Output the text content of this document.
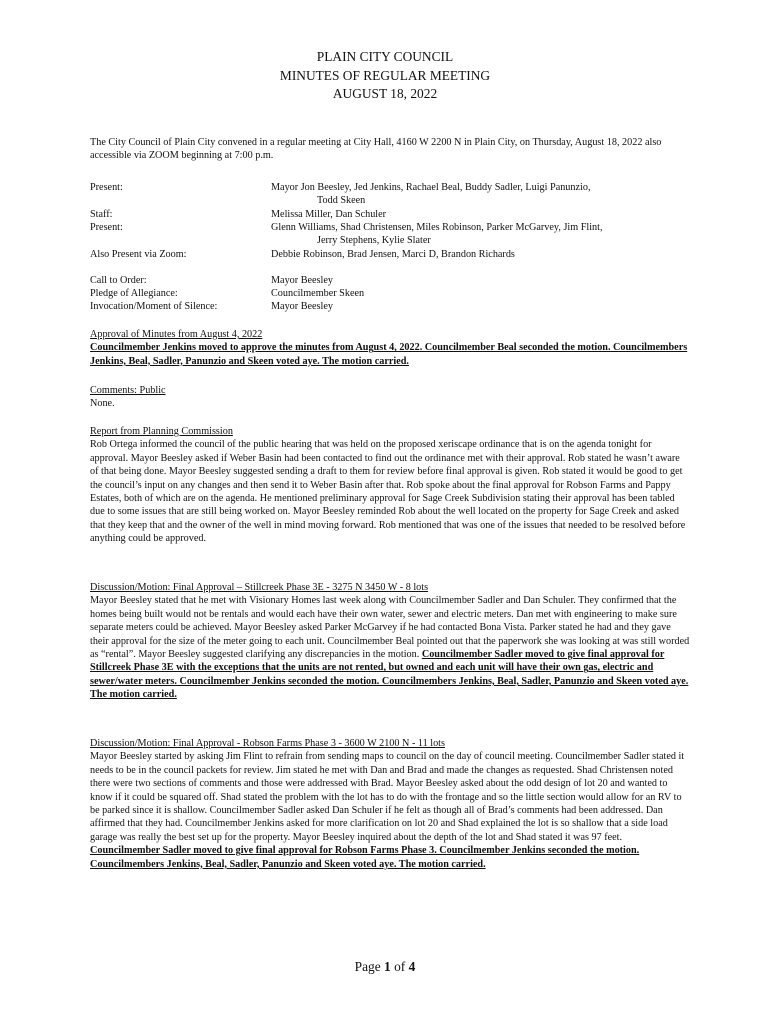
PLAIN CITY COUNCIL
MINUTES OF REGULAR MEETING
AUGUST 18, 2022

The City Council of Plain City convened in a regular meeting at City Hall, 4160 W 2200 N in Plain City, on Thursday, August 18, 2022 also accessible via ZOOM beginning at 7:00 p.m.

Present:	Mayor Jon Beesley, Jed Jenkins, Rachael Beal, Buddy Sadler, Luigi Panunzio,
Todd Skeen
Staff:	Melissa Miller, Dan Schuler
Present:	Glenn Williams, Shad Christensen, Miles Robinson, Parker McGarvey, Jim Flint,
Jerry Stephens, Kylie Slater
Also Present via Zoom:	Debbie Robinson, Brad Jensen, Marci D, Brandon Richards
Call to Order:	Mayor Beesley
Pledge of Allegiance:	Councilmember Skeen
Invocation/Moment of Silence:	Mayor Beesley

Approval of Minutes from August 4, 2022

Councilmember Jenkins moved to approve the minutes from August 4, 2022. Councilmember Beal seconded the motion. Councilmembers Jenkins, Beal, Sadler, Panunzio and Skeen voted aye. The motion carried.

Comments: Public

None.

Report from Planning Commission

Rob Ortega informed the council of the public hearing that was held on the proposed xeriscape ordinance that is on the agenda tonight for approval. Mayor Beesley asked if Weber Basin had been contacted to find out the ordinance met with their approval. Rob stated he wasn’t aware of that being done. Mayor Beesley suggested sending a draft to them for review before final approval is given. Rob stated it would be good to get the council’s input on any changes and then send it to Weber Basin after that. Rob spoke about the final approval for Robson Farms and Pappy Estates, both of which are on the agenda. He mentioned preliminary approval for Sage Creek Subdivision stating their approval has been tabled due to some issues that are still being worked on. Mayor Beesley reminded Rob about the well located on the property for Sage Creek and asked that they keep that and the owner of the well in mind moving forward. Rob mentioned that was one of the issues that needed to be resolved before anything could be approved.

Discussion/Motion: Final Approval – Stillcreek Phase 3E - 3275 N 3450 W - 8 lots

Mayor Beesley stated that he met with Visionary Homes last week along with Councilmember Sadler and Dan Schuler. They confirmed that the homes being built would not be rentals and would each have their own water, sewer and electric meters. Dan met with engineering to make sure separate meters could be achieved. Mayor Beesley asked Parker McGarvey if he had contacted Bona Vista. Parker stated he had and they gave their approval for the size of the meter going to each unit. Councilmember Beal pointed out that the paperwork she was looking at was still worded as “rental”. Mayor Beesley suggested clarifying any discrepancies in the motion. Councilmember Sadler moved to give final approval for Stillcreek Phase 3E with the exceptions that the units are not rented, but owned and each unit will have their own gas, electric and sewer/water meters. Councilmember Jenkins seconded the motion. Councilmembers Jenkins, Beal, Sadler, Panunzio and Skeen voted aye. The motion carried.

Discussion/Motion: Final Approval - Robson Farms Phase 3 - 3600 W 2100 N - 11 lots

Mayor Beesley started by asking Jim Flint to refrain from sending maps to council on the day of council meeting. Councilmember Sadler stated it needs to be in the council packets for review. Jim stated he met with Dan and Brad and made the changes as requested. Shad Christensen noted there were two sections of comments and those were addressed with Brad. Mayor Beesley asked about the odd design of lot 20 and wanted to know if it could be squared off. Shad stated the problem with the lot has to do with the frontage and so the little section would allow for an RV to be parked since it is shallow. Councilmember Sadler asked Dan Schuler if he felt as though all of Brad’s comments had been addressed. Dan affirmed that they had. Councilmember Jenkins asked for more clarification on lot 20 and Shad explained the lot is so shallow that a side load garage was really the best set up for the property. Mayor Beesley inquired about the depth of the lot and Shad stated it was 97 feet. Councilmember Sadler moved to give final approval for Robson Farms Phase 3. Councilmember Jenkins seconded the motion. Councilmembers Jenkins, Beal, Sadler, Panunzio and Skeen voted aye. The motion carried.

Page 1 of 4
